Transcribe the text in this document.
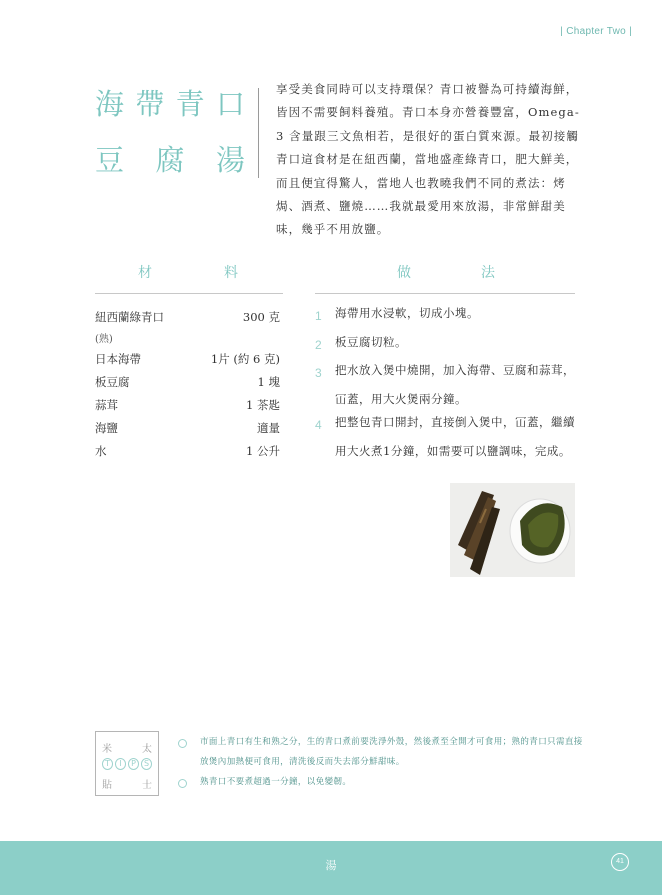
| Chapter Two |
海 帶 青 口
豆 腐 湯

享受美食同時可以支持環保？青口被譽為可持續海鮮，皆因不需要飼料養殖。青口本身亦營養豐富，Omega-3 含量跟三文魚相若，是很好的蛋白質來源。最初接觸青口這食材是在紐西蘭，當地盛產綠青口，肥大鮮美，而且便宜得驚人，當地人也教曉我們不同的煮法：烤焗、酒煮、鹽燒……我就最愛用來放湯，非常鮮甜美味，幾乎不用放鹽。

材	料	做	法
紐西蘭綠青口	300 克
(熟)
日本海帶	1片 (約 6 克)
板豆腐	1 塊
蒜茸	1 茶匙
海鹽	適量
水	1 公升
1 海帶用水浸軟，切成小塊。

2 板豆腐切粒。

3 把水放入煲中燒開，加入海帶、豆腐和蒜茸，冚蓋，用大火煲兩分鐘。

4 把整包青口開封，直接倒入煲中，冚蓋，繼續用大火煮1分鐘，如需要可以鹽調味，完成。

米	太
T	I	P	S
貼	士

市面上青口有生和熟之分，生的青口煮前要洗淨外殼，然後煮至全開才可食用；熟的青口只需直接放煲內加熱便可食用，清洗後反而失去部分鮮甜味。

熟青口不要煮超過一分鐘，以免變韌。

湯	41
